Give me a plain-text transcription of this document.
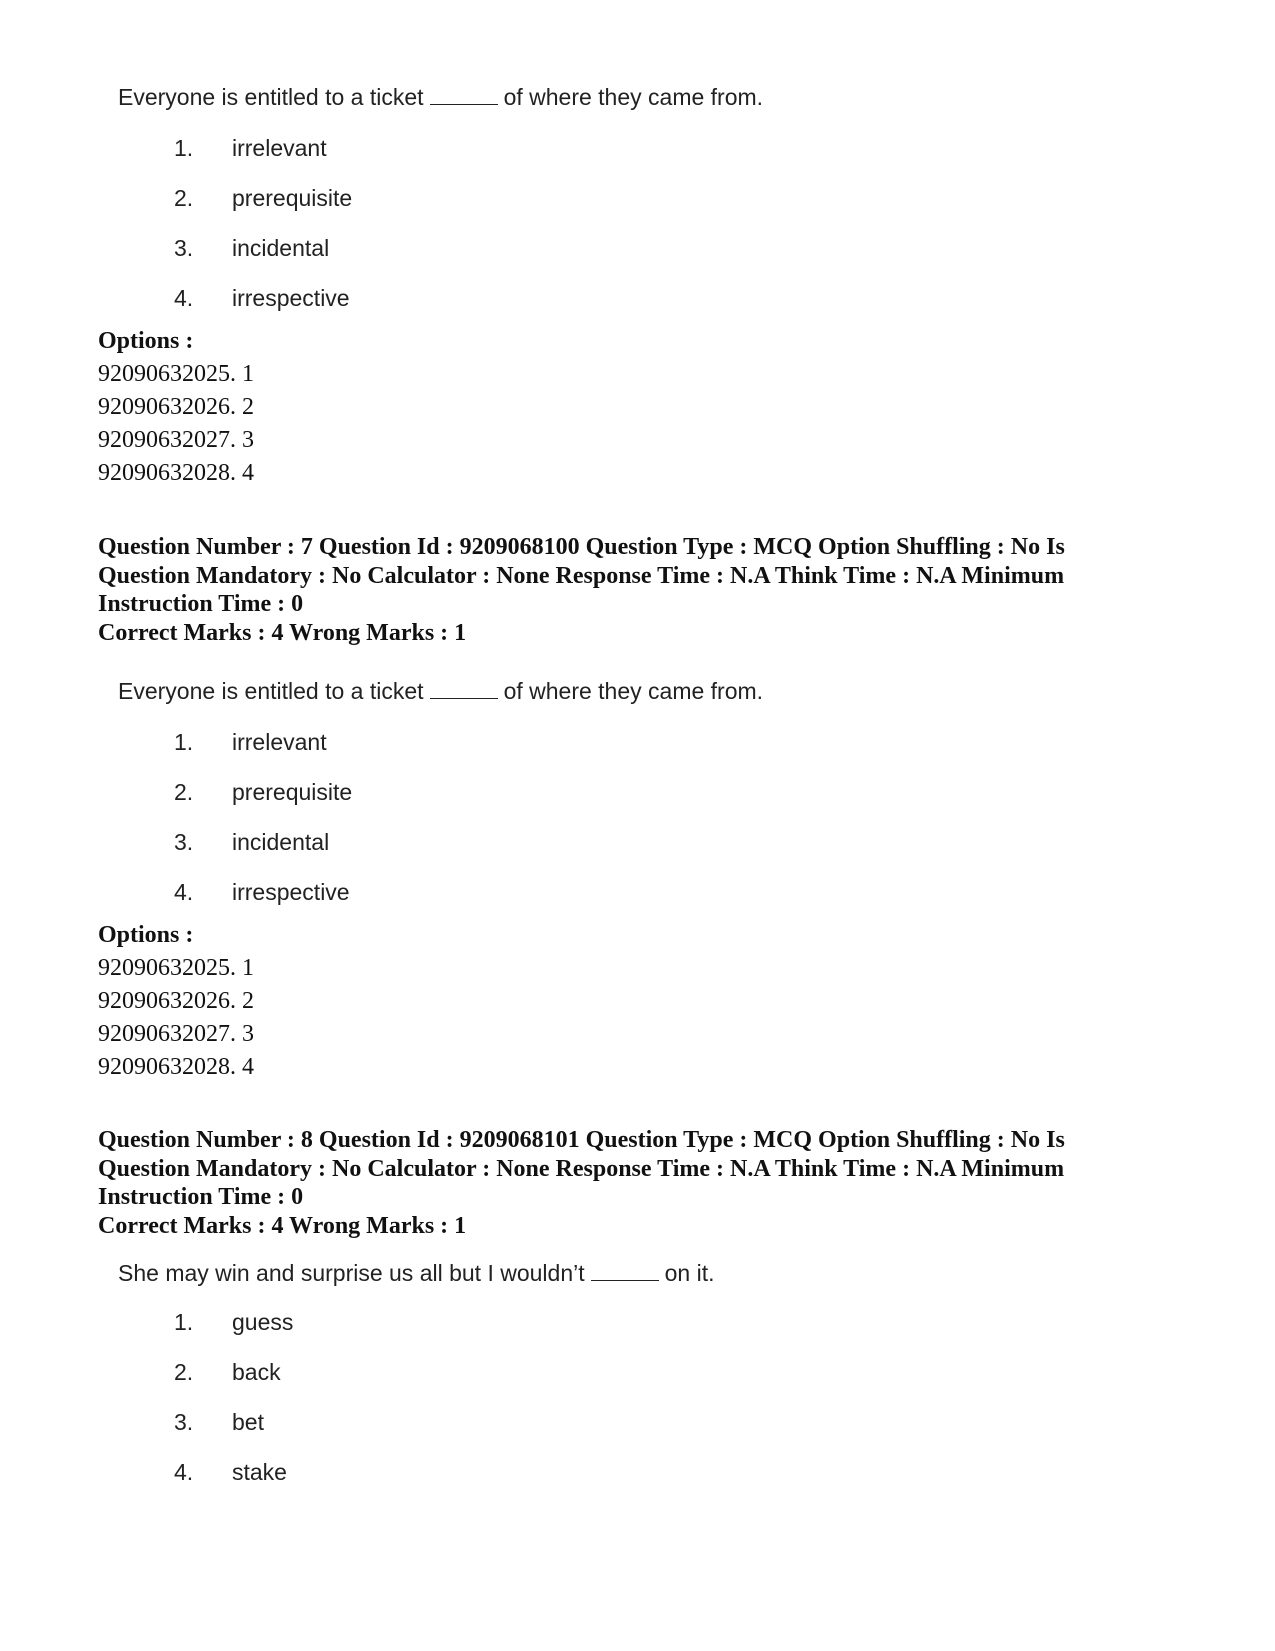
Everyone is entitled to a ticket	of where they came from.
1. irrelevant
2. prerequisite
3. incidental
4. irrespective
Options :
92090632025. 1
92090632026. 2
92090632027. 3
92090632028. 4
Question Number : 7 Question Id : 9209068100 Question Type : MCQ Option Shuffling : No Is Question Mandatory : No Calculator : None Response Time : N.A Think Time : N.A Minimum Instruction Time : 0
Correct Marks : 4 Wrong Marks : 1
Everyone is entitled to a ticket	of where they came from.
1. irrelevant
2. prerequisite
3. incidental
4. irrespective
Options :
92090632025. 1
92090632026. 2
92090632027. 3
92090632028. 4
Question Number : 8 Question Id : 9209068101 Question Type : MCQ Option Shuffling : No Is Question Mandatory : No Calculator : None Response Time : N.A Think Time : N.A Minimum Instruction Time : 0
Correct Marks : 4 Wrong Marks : 1
She may win and surprise us all but I wouldn’t	on it.
1. guess
2. back
3. bet
4. stake
